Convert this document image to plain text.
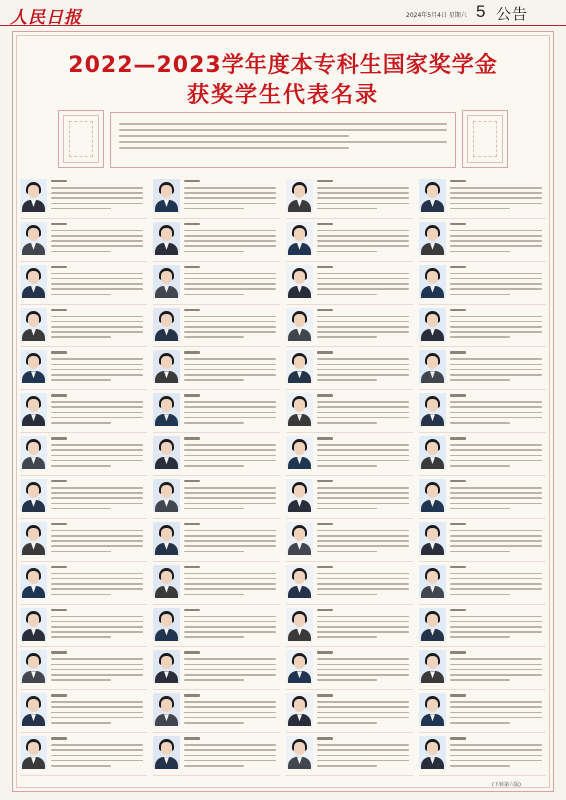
人民日报	2024年5月4日 星期六 5 公告
2022—2023学年度本专科生国家奖学金
获奖学生代表名录

(下转第六版)
